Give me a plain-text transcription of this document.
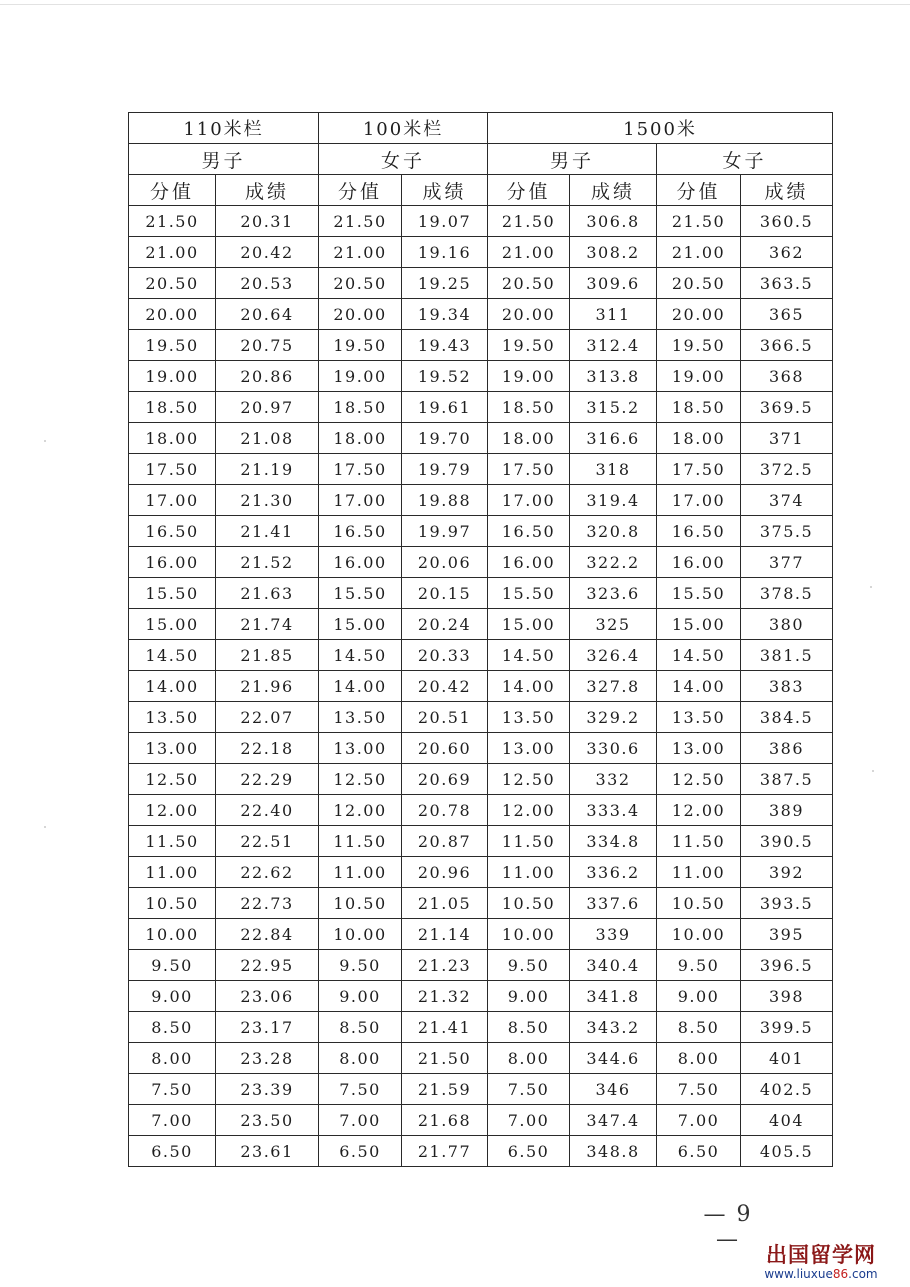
110米栏		100米栏		1500米			
男子		女子		男子		女子	
分值	成绩	分值	成绩	分值	成绩	分值	成绩
21.50	20.31	21.50	19.07	21.50	306.8	21.50	360.5
21.00	20.42	21.00	19.16	21.00	308.2	21.00	362
20.50	20.53	20.50	19.25	20.50	309.6	20.50	363.5
20.00	20.64	20.00	19.34	20.00	311	20.00	365
19.50	20.75	19.50	19.43	19.50	312.4	19.50	366.5
19.00	20.86	19.00	19.52	19.00	313.8	19.00	368
18.50	20.97	18.50	19.61	18.50	315.2	18.50	369.5
18.00	21.08	18.00	19.70	18.00	316.6	18.00	371
17.50	21.19	17.50	19.79	17.50	318	17.50	372.5
17.00	21.30	17.00	19.88	17.00	319.4	17.00	374
16.50	21.41	16.50	19.97	16.50	320.8	16.50	375.5
16.00	21.52	16.00	20.06	16.00	322.2	16.00	377
15.50	21.63	15.50	20.15	15.50	323.6	15.50	378.5
15.00	21.74	15.00	20.24	15.00	325	15.00	380
14.50	21.85	14.50	20.33	14.50	326.4	14.50	381.5
14.00	21.96	14.00	20.42	14.00	327.8	14.00	383
13.50	22.07	13.50	20.51	13.50	329.2	13.50	384.5
13.00	22.18	13.00	20.60	13.00	330.6	13.00	386
12.50	22.29	12.50	20.69	12.50	332	12.50	387.5
12.00	22.40	12.00	20.78	12.00	333.4	12.00	389
11.50	22.51	11.50	20.87	11.50	334.8	11.50	390.5
11.00	22.62	11.00	20.96	11.00	336.2	11.00	392
10.50	22.73	10.50	21.05	10.50	337.6	10.50	393.5
10.00	22.84	10.00	21.14	10.00	339	10.00	395
9.50	22.95	9.50	21.23	9.50	340.4	9.50	396.5
9.00	23.06	9.00	21.32	9.00	341.8	9.00	398
8.50	23.17	8.50	21.41	8.50	343.2	8.50	399.5
8.00	23.28	8.00	21.50	8.00	344.6	8.00	401
7.50	23.39	7.50	21.59	7.50	346	7.50	402.5
7.00	23.50	7.00	21.68	7.00	347.4	7.00	404
6.50	23.61	6.50	21.77	6.50	348.8	6.50	405.5
— 9 —
出国留学网
www.liuxue86.com
